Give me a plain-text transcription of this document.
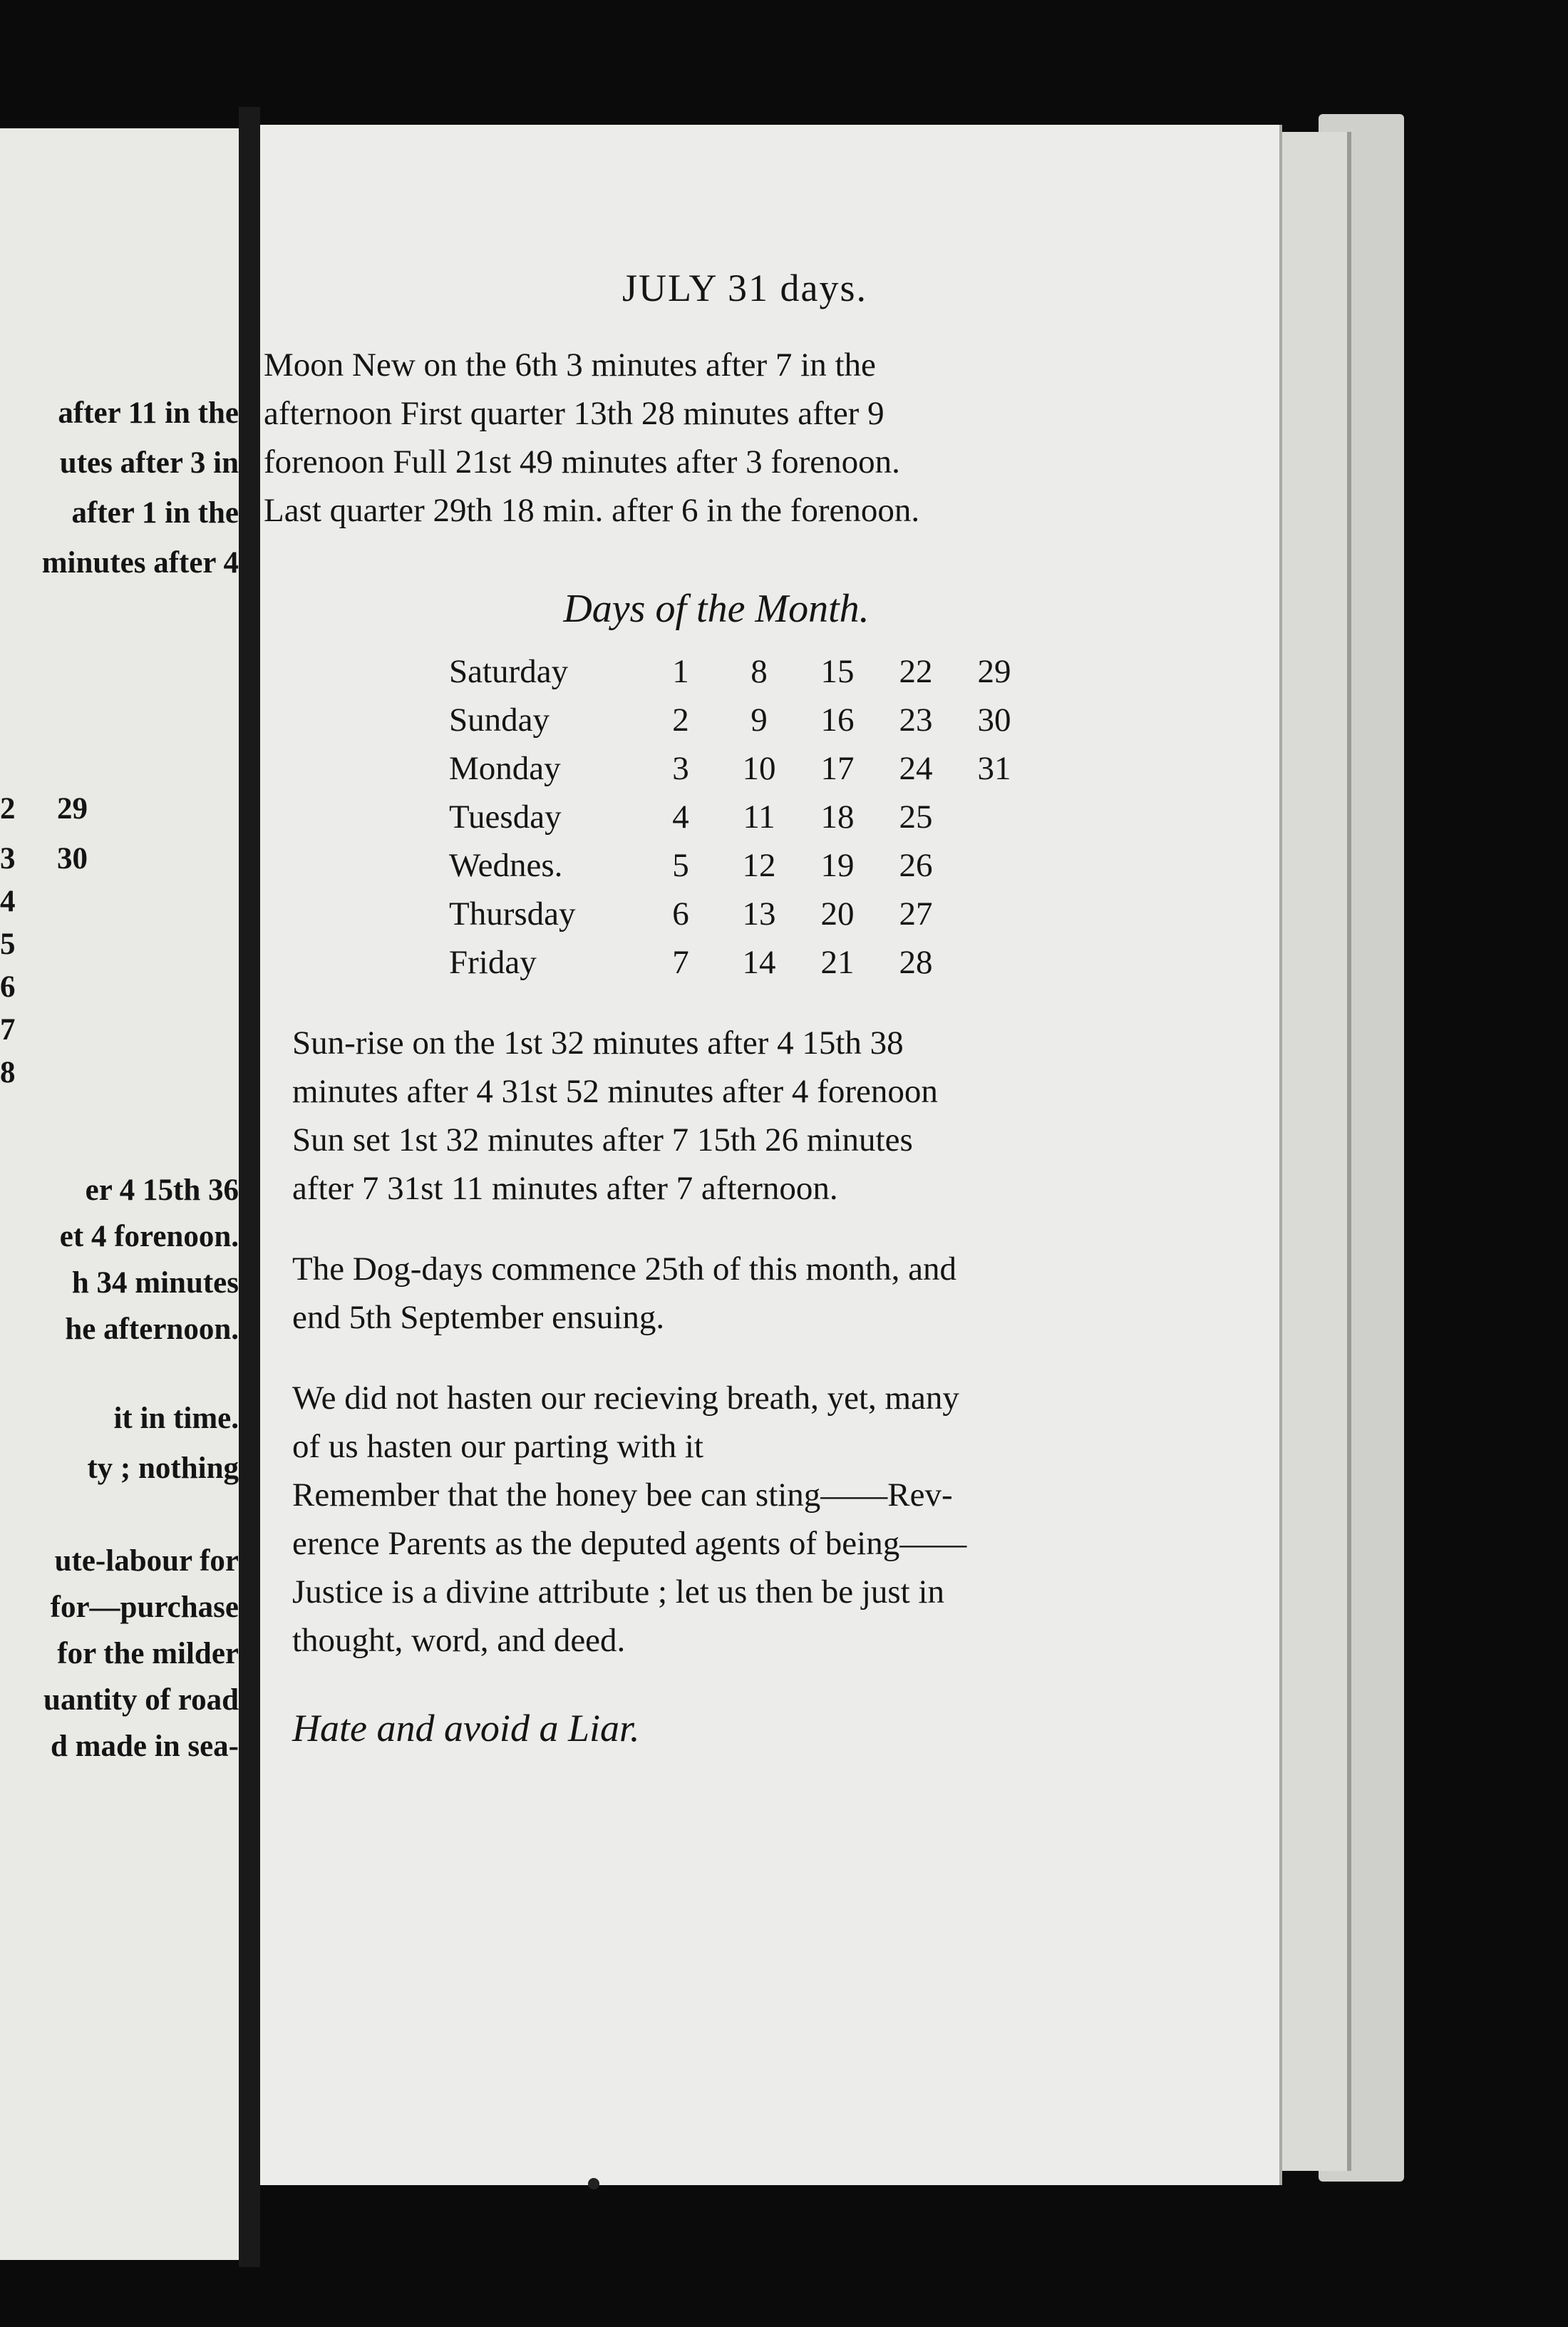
after 11 in the
utes after 3 in
after 1 in the
minutes after 4
2 29
3 30
4
5
6
7
8
er 4 15th 36
et 4 forenoon.
h 34 minutes
he afternoon.
it in time.
ty ; nothing
ute-labour for
for—purchase
for the milder
uantity of road
d made in sea-
JULY 31 days.

Moon New on the 6th 3 minutes after 7 in the

afternoon First quarter 13th 28 minutes after 9

forenoon Full 21st 49 minutes after 3 forenoon.

Last quarter 29th 18 min. after 6 in the forenoon.

Days of the Month.
Saturday	1	8	15	22	29
Sunday	2	9	16	23	30
Monday	3	10	17	24	31
Tuesday	4	11	18	25	
Wednes.	5	12	19	26	
Thursday	6	13	20	27	
Friday	7	14	21	28	

Sun-rise on the 1st 32 minutes after 4 15th 38

minutes after 4 31st 52 minutes after 4 forenoon

Sun set 1st 32 minutes after 7 15th 26 minutes

after 7 31st 11 minutes after 7 afternoon.

The Dog-days commence 25th of this month, and

end 5th September ensuing.

We did not hasten our recieving breath, yet, many

of us hasten our parting with it

Remember that the honey bee can sting——Rev-

erence Parents as the deputed agents of being——

Justice is a divine attribute ; let us then be just in

thought, word, and deed.

Hate and avoid a Liar.
